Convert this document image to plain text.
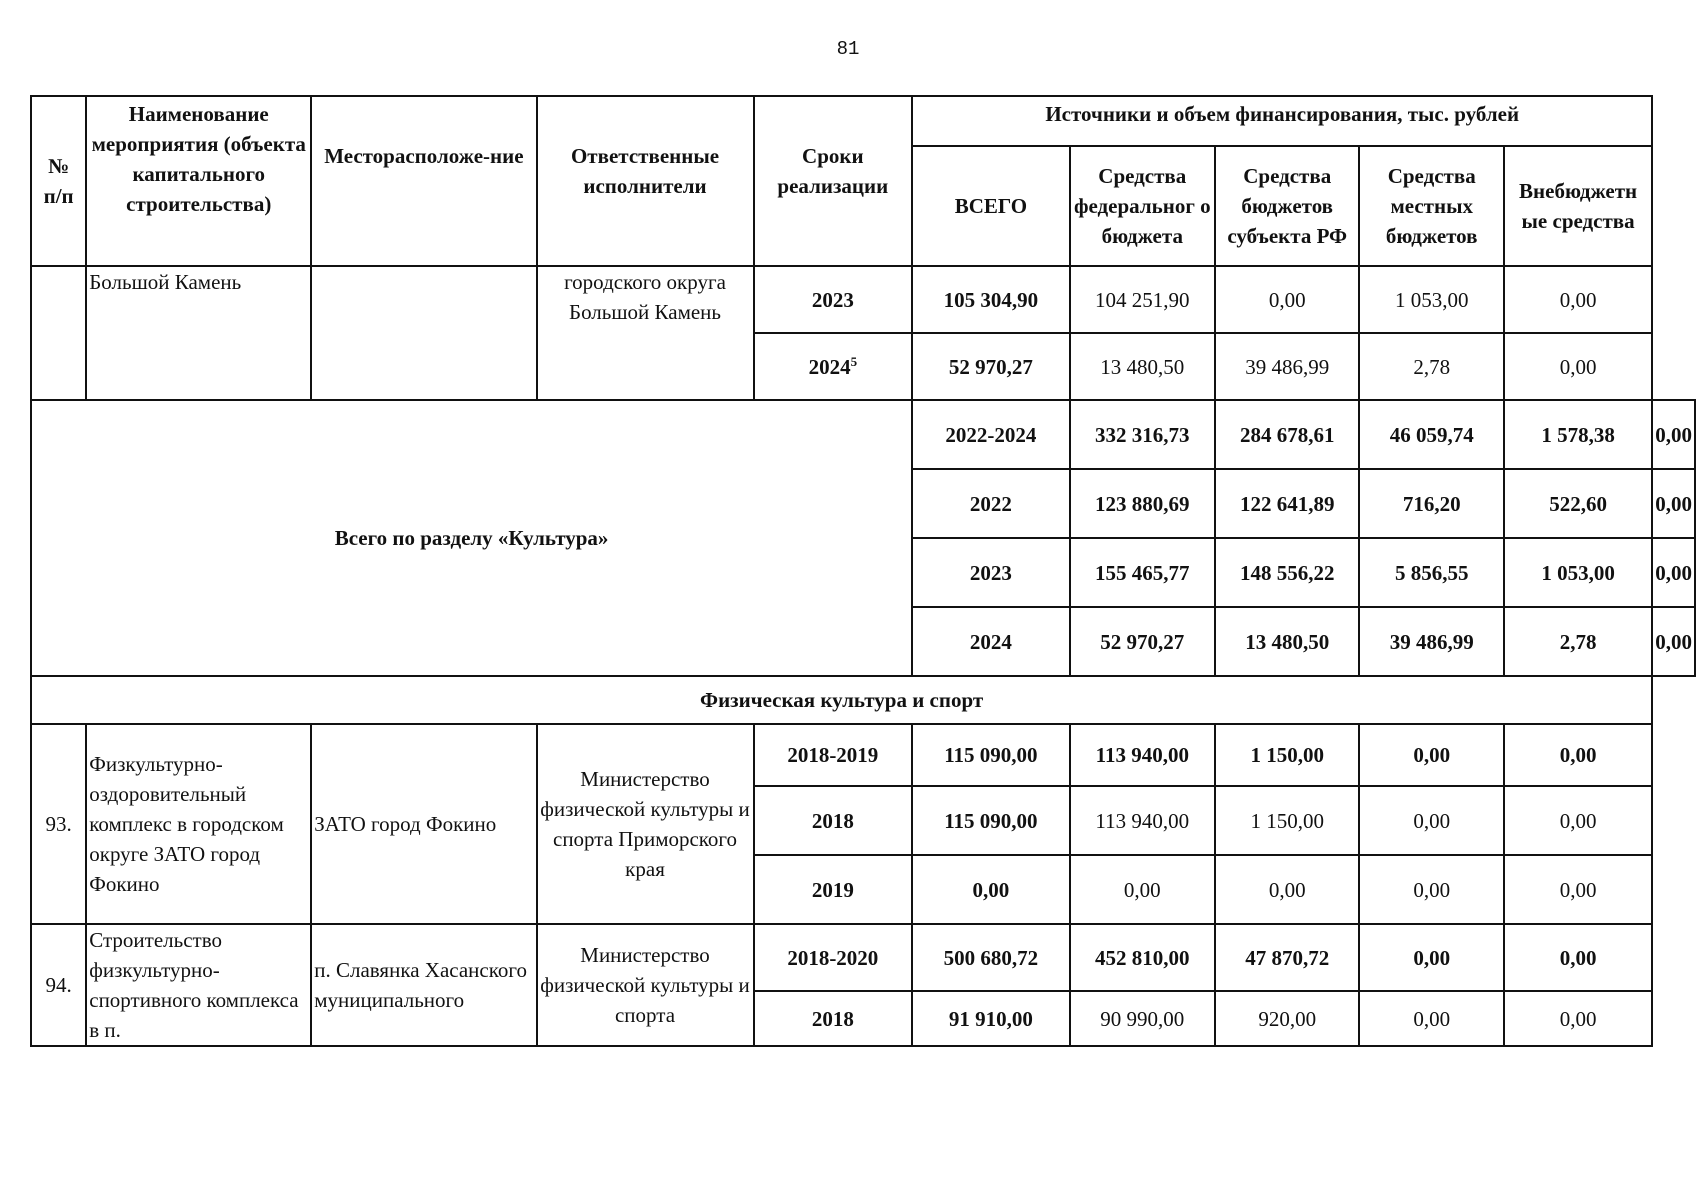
81
№
п/п	Наименование мероприятия (объекта капитального строительства)	Месторасположе-ние	Ответственные исполнители	Сроки реализации	Источники и объем финансирования, тыс. рублей					
					ВСЕГО	Средства федеральног о бюджета	Средства бюджетов субъекта РФ	Средства местных бюджетов	Внебюджетн ые средства	
	Большой Камень		городского округа Большой Камень	2023	105 304,90	104 251,90	0,00	1 053,00	0,00	
				2024$^5$	52 970,27	13 480,50	39 486,99	2,78	0,00	
Всего по разделу «Культура»					2022-2024	332 316,73	284 678,61	46 059,74	1 578,38	0,00
					2022	123 880,69	122 641,89	716,20	522,60	0,00
					2023	155 465,77	148 556,22	5 856,55	1 053,00	0,00
					2024	52 970,27	13 480,50	39 486,99	2,78	0,00
Физическая культура и спорт										
93.	Физкультурно-оздоровительный комплекс в городском округе ЗАТО город Фокино	ЗАТО город Фокино	Министерство физической культуры и спорта Приморского края	2018-2019	115 090,00	113 940,00	1 150,00	0,00	0,00	
				2018	115 090,00	113 940,00	1 150,00	0,00	0,00	
				2019	0,00	0,00	0,00	0,00	0,00	
94.	Строительство физкультурно-спортивного комплекса в п.	п. Славянка Хасанского муниципального	Министерство физической культуры и спорта	2018-2020	500 680,72	452 810,00	47 870,72	0,00	0,00	
				2018	91 910,00	90 990,00	920,00	0,00	0,00	
